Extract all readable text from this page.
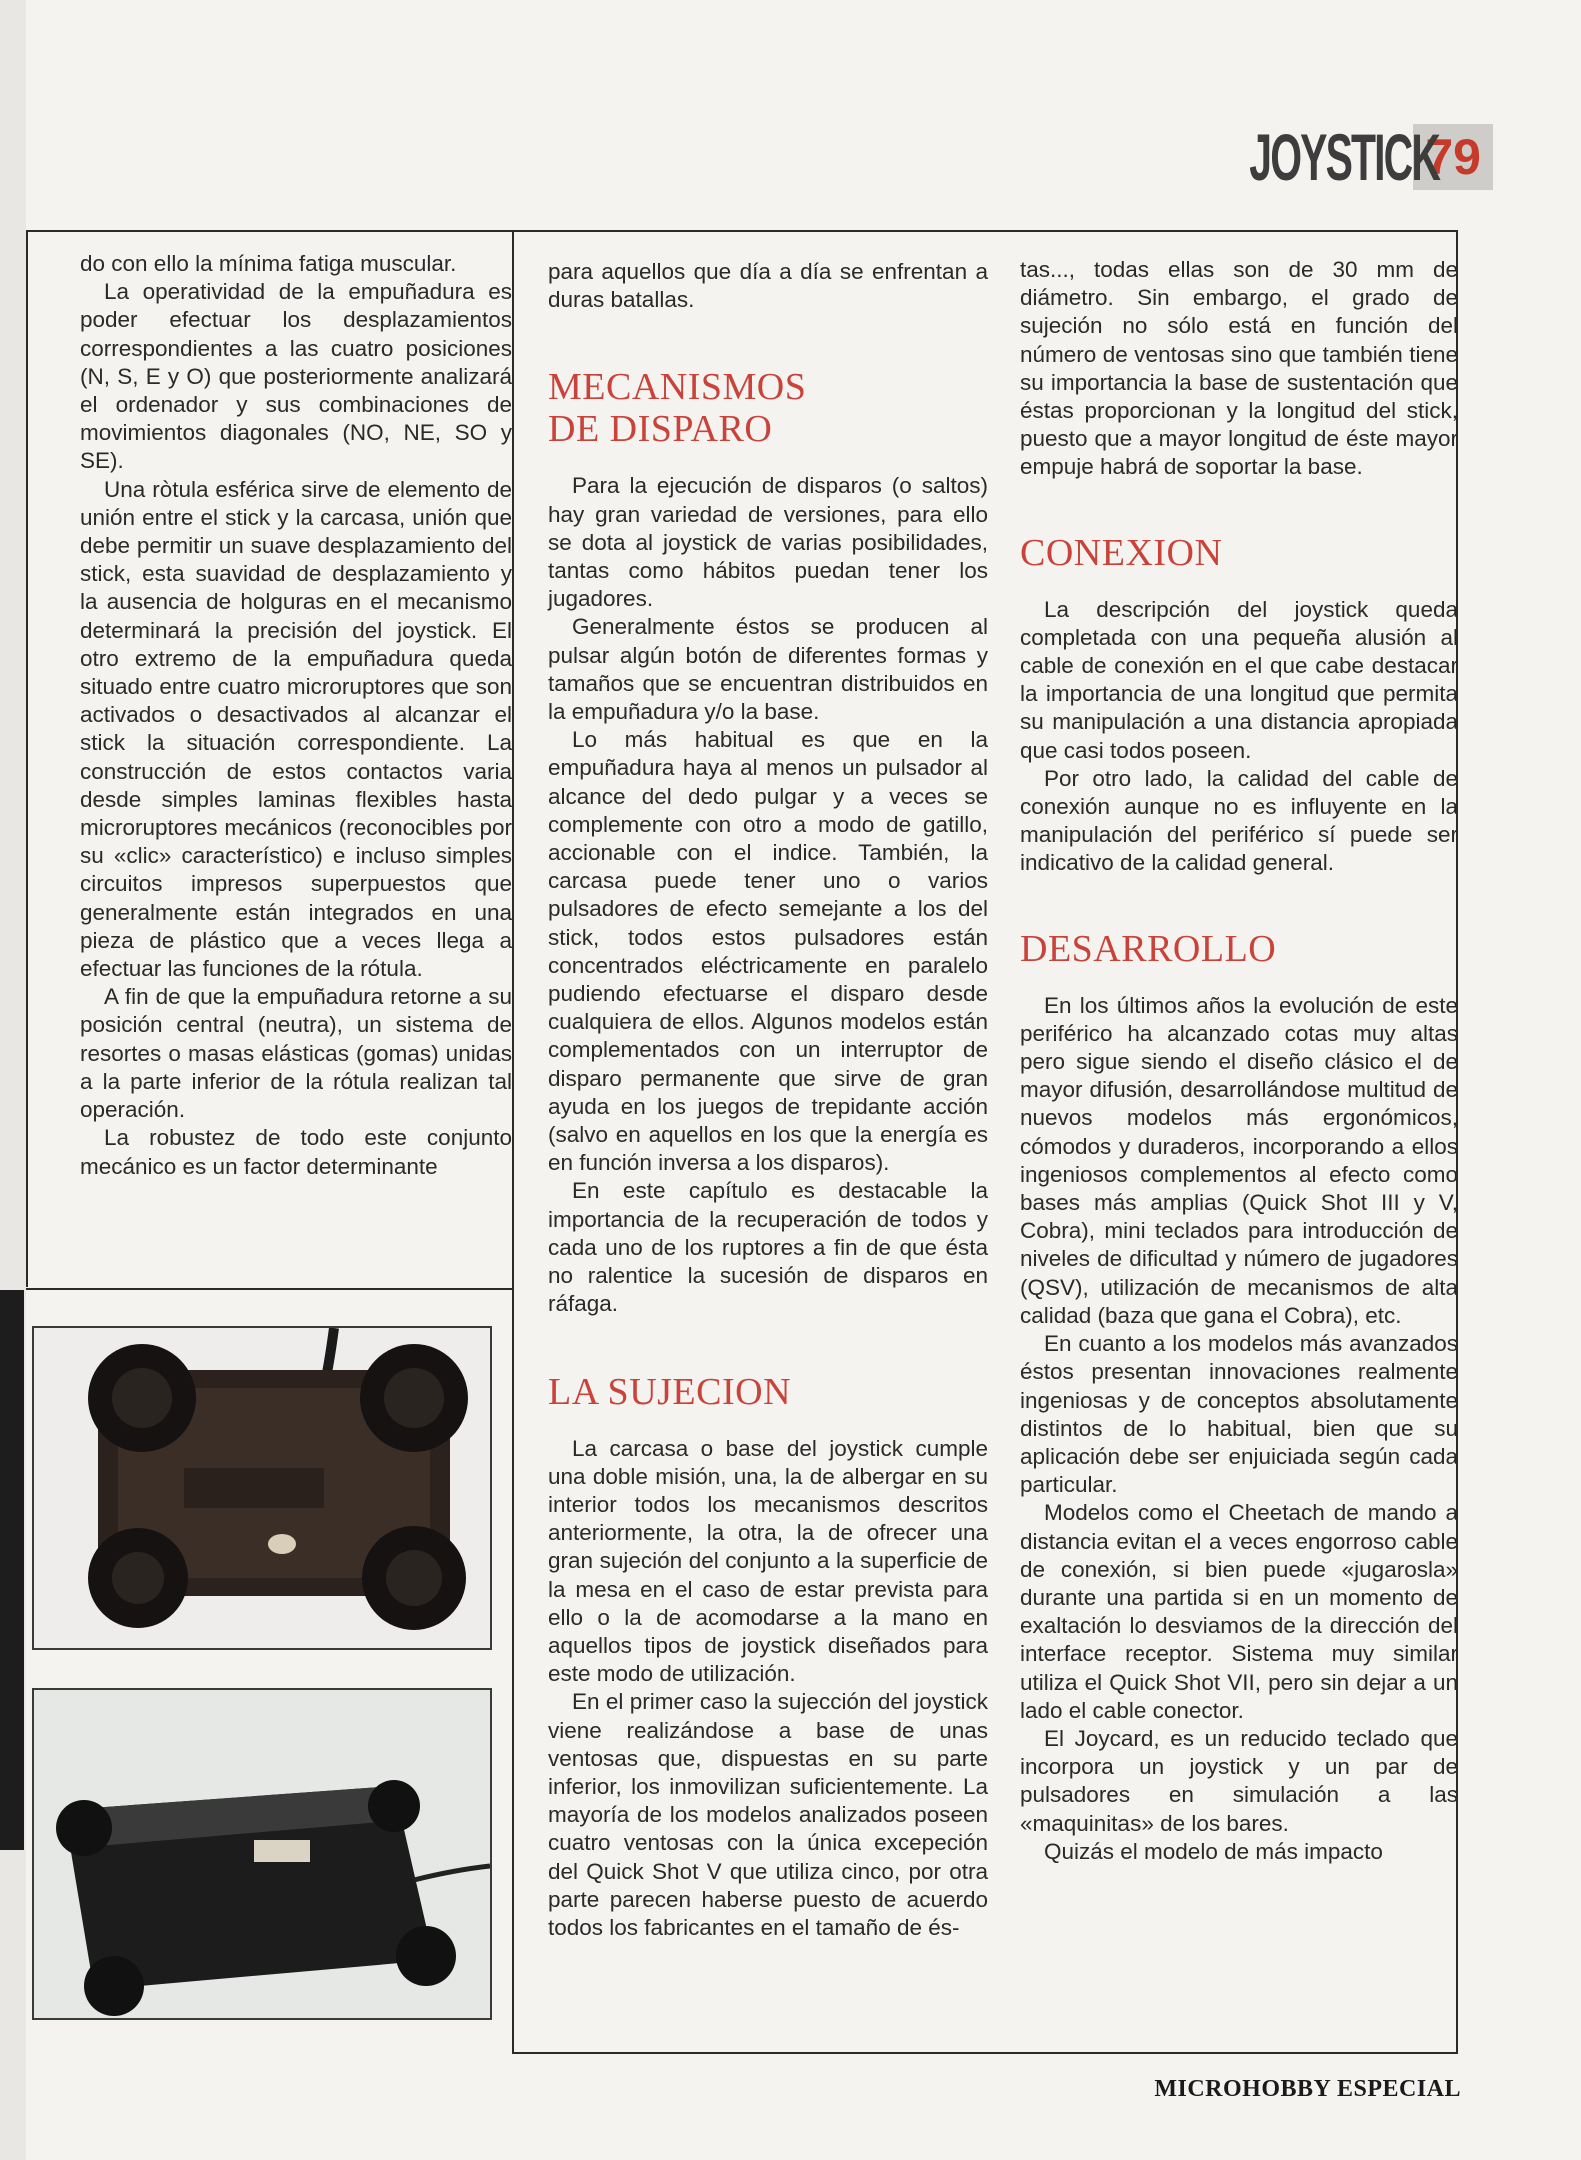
JOYSTICK
79

do con ello la mínima fatiga muscular.

La operatividad de la empuñadura es poder efectuar los desplazamientos correspondientes a las cuatro posiciones (N, S, E y O) que posteriormente analizará el ordenador y sus combinaciones de movimientos diagonales (NO, NE, SO y SE).

Una ròtula esférica sirve de elemento de unión entre el stick y la carcasa, unión que debe permitir un suave desplazamiento del stick, esta suavidad de desplazamiento y la ausencia de holguras en el mecanismo determinará la precisión del joystick. El otro extremo de la empuñadura queda situado entre cuatro microruptores que son activados o desactivados al alcanzar el stick la situación correspondiente. La construcción de estos contactos varia desde simples laminas flexibles hasta microruptores mecánicos (reconocibles por su «clic» característico) e incluso simples circuitos impresos superpuestos que generalmente están integrados en una pieza de plástico que a veces llega a efectuar las funciones de la rótula.

A fin de que la empuñadura retorne a su posición central (neutra), un sistema de resortes o masas elásticas (gomas) unidas a la parte inferior de la rótula realizan tal operación.

La robustez de todo este conjunto mecánico es un factor determinante

para aquellos que día a día se enfrentan a duras batallas.

MECANISMOS DE DISPARO

Para la ejecución de disparos (o saltos) hay gran variedad de versiones, para ello se dota al joystick de varias posibilidades, tantas como hábitos puedan tener los jugadores.

Generalmente éstos se producen al pulsar algún botón de diferentes formas y tamaños que se encuentran distribuidos en la empuñadura y/o la base.

Lo más habitual es que en la empuñadura haya al menos un pulsador al alcance del dedo pulgar y a veces se complemente con otro a modo de gatillo, accionable con el indice. También, la carcasa puede tener uno o varios pulsadores de efecto semejante a los del stick, todos estos pulsadores están concentrados eléctricamente en paralelo pudiendo efectuarse el disparo desde cualquiera de ellos. Algunos modelos están complementados con un interruptor de disparo permanente que sirve de gran ayuda en los juegos de trepidante acción (salvo en aquellos en los que la energía es en función inversa a los disparos).

En este capítulo es destacable la importancia de la recuperación de todos y cada uno de los ruptores a fin de que ésta no ralentice la sucesión de disparos en ráfaga.

LA SUJECION

La carcasa o base del joystick cumple una doble misión, una, la de albergar en su interior todos los mecanismos descritos anteriormente, la otra, la de ofrecer una gran sujeción del conjunto a la superficie de la mesa en el caso de estar prevista para ello o la de acomodarse a la mano en aquellos tipos de joystick diseñados para este modo de utilización.

En el primer caso la sujección del joystick viene realizándose a base de unas ventosas que, dispuestas en su parte inferior, los inmovilizan suficientemente. La mayoría de los modelos analizados poseen cuatro ventosas con la única excepeción del Quick Shot V que utiliza cinco, por otra parte parecen haberse puesto de acuerdo todos los fabricantes en el tamaño de és-

tas..., todas ellas son de 30 mm de diámetro. Sin embargo, el grado de sujeción no sólo está en función del número de ventosas sino que también tiene su importancia la base de sustentación que éstas proporcionan y la longitud del stick, puesto que a mayor longitud de éste mayor empuje habrá de soportar la base.

CONEXION

La descripción del joystick queda completada con una pequeña alusión al cable de conexión en el que cabe destacar la importancia de una longitud que permita su manipulación a una distancia apropiada que casi todos poseen.

Por otro lado, la calidad del cable de conexión aunque no es influyente en la manipulación del periférico sí puede ser indicativo de la calidad general.

DESARROLLO

En los últimos años la evolución de este periférico ha alcanzado cotas muy altas pero sigue siendo el diseño clásico el de mayor difusión, desarrollándose multitud de nuevos modelos más ergonómicos, cómodos y duraderos, incorporando a ellos ingeniosos complementos al efecto como bases más amplias (Quick Shot III y V, Cobra), mini teclados para introducción de niveles de dificultad y número de jugadores (QSV), utilización de mecanismos de alta calidad (baza que gana el Cobra), etc.

En cuanto a los modelos más avanzados éstos presentan innovaciones realmente ingeniosas y de conceptos absolutamente distintos de lo habitual, bien que su aplicación debe ser enjuiciada según cada particular.

Modelos como el Cheetach de mando a distancia evitan el a veces engorroso cable de conexión, si bien puede «jugarosla» durante una partida si en un momento de exaltación lo desviamos de la dirección del interface receptor. Sistema muy similar utiliza el Quick Shot VII, pero sin dejar a un lado el cable conector.

El Joycard, es un reducido teclado que incorpora un joystick y un par de pulsadores en simulación a las «maquinitas» de los bares.

Quizás el modelo de más impacto

MICROHOBBY ESPECIAL
